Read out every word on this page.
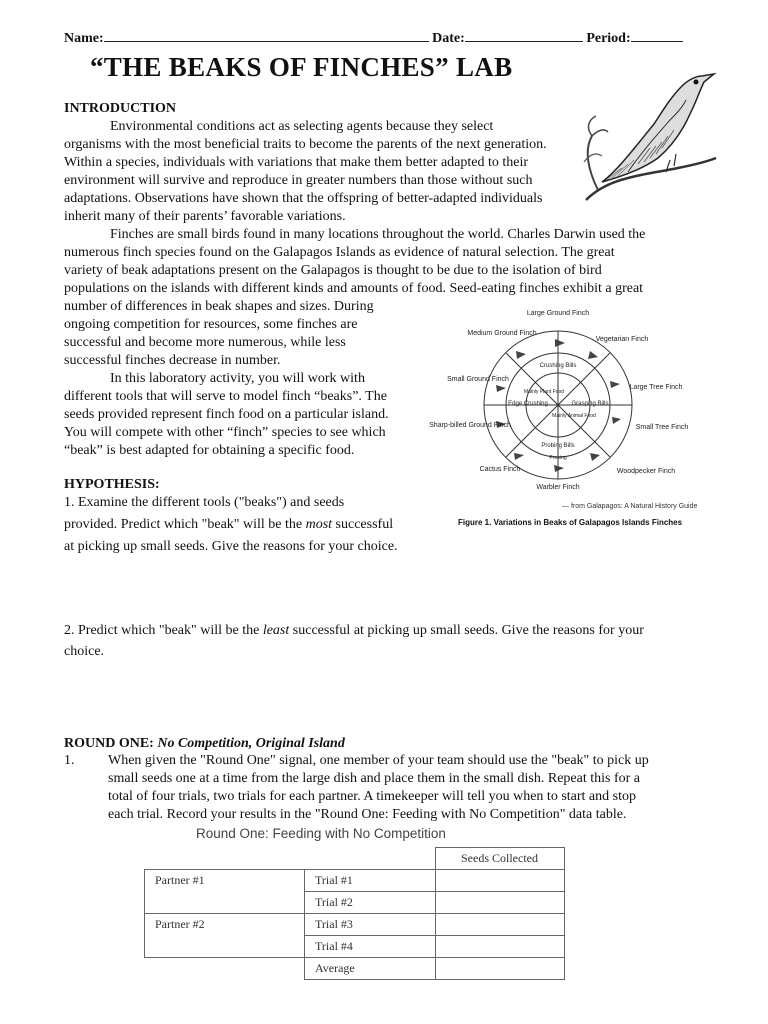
Name:	Date:	Period:
“THE BEAKS OF FINCHES” LAB
INTRODUCTION
Environmental conditions act as selecting agents because they select
organisms with the most beneficial traits to become the parents of the next generation.
Within a species, individuals with variations that make them better adapted to their
environment will survive and reproduce in greater numbers than those without such
adaptations. Observations have shown that the offspring of better-adapted individuals
inherit many of their parents’ favorable variations.
Finches are small birds found in many locations throughout the world. Charles Darwin used the
numerous finch species found on the Galapagos Islands as evidence of natural selection. The great
variety of beak adaptations present on the Galapagos is thought to be due to the isolation of bird
populations on the islands with different kinds and amounts of food. Seed-eating finches exhibit a great
number of differences in beak shapes and sizes. During
ongoing competition for resources, some finches are
successful and become more numerous, while less
successful finches decrease in number.
In this laboratory activity, you will work with
different tools that will serve to model finch “beaks”. The
seeds provided represent finch food on a particular island.
You will compete with other “finch” species to see which
“beak” is best adapted for obtaining a specific food.
Large Ground Finch
Medium Ground Finch
Vegetarian Finch
Small Ground Finch
Large Tree Finch
Sharp-billed Ground Finch	Small Tree Finch
Cactus Finch	Woodpecker Finch
Warbler Finch
Crushing Bills
Edge Crushing	Grasping Bills
Probing Bills
Mainly Plant Food
Mainly Animal Food
Probing
— from Galapagos: A Natural History Guide
Figure 1. Variations in Beaks of Galapagos Islands Finches
HYPOTHESIS:
1. Examine the different tools ("beaks") and seeds
provided. Predict which "beak" will be the most successful
at picking up small seeds. Give the reasons for your choice.
2. Predict which "beak" will be the least successful at picking up small seeds. Give the reasons for your
choice.
ROUND ONE: No Competition, Original Island
1. When given the "Round One" signal, one member of your team should use the "beak" to pick up
small seeds one at a time from the large dish and place them in the small dish. Repeat this for a
total of four trials, two trials for each partner. A timekeeper will tell you when to start and stop
each trial. Record your results in the "Round One: Feeding with No Competition" data table.
Round One: Feeding with No Competition
		Seeds Collected
Partner #1	Trial #1	
	Trial #2	
Partner #2	Trial #3	
	Trial #4	
	Average	
